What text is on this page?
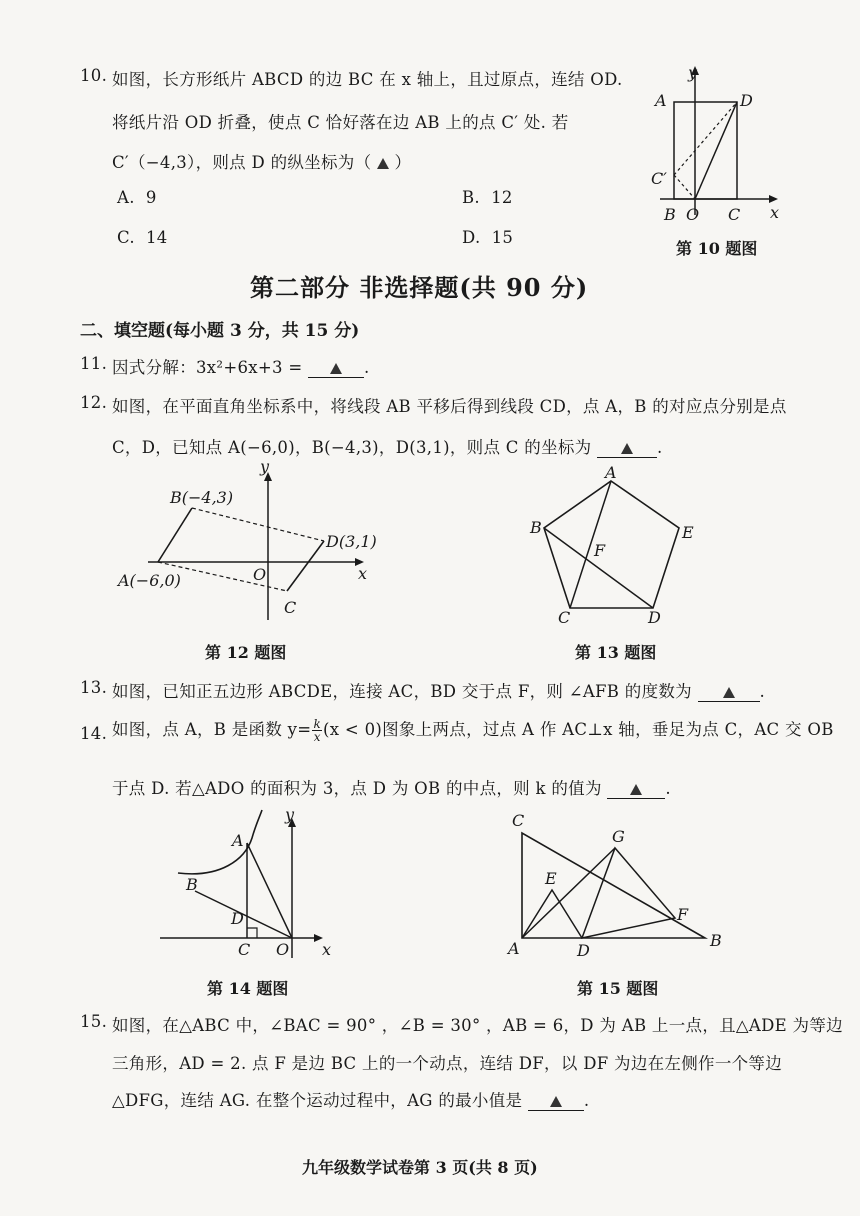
10. 如图，长方形纸片 ABCD 的边 BC 在 x 轴上，且过原点，连结 OD.
将纸片沿 OD 折叠，使点 C 恰好落在边 AB 上的点 C′ 处. 若
C′（−4,3），则点 D 的纵坐标为（ ）
A. 9	B. 12
C. 14	D. 15
y
x
A	D
C′
B O C
第 10 题图
第二部分 非选择题(共 90 分)
二、填空题(每小题 3 分，共 15 分)
11. 因式分解：3x²+6x+3 =	.
12. 如图，在平面直角坐标系中，将线段 AB 平移后得到线段 CD，点 A，B 的对应点分别是点
C，D，已知点 A(−6,0)，B(−4,3)，D(3,1)，则点 C 的坐标为	.
y
x
B(−4,3)
D(3,1)
A(−6,0)	O
C
第 12 题图
A
B	E
F
C	D
第 13 题图
13. 如图，已知正五边形 ABCDE，连接 AC，BD 交于点 F，则 ∠AFB 的度数为	.
14. 如图，点 A，B 是函数 $y= \frac{k}{x} (x < 0)$图象上两点，过点 A 作 AC⊥x 轴，垂足为点 C，AC 交 OB
于点 D. 若△ADO 的面积为 3，点 D 为 OB 的中点，则 k 的值为	.
y
x
A
B
D
C O
第 14 题图
C
G
E
F
A	D
B
第 15 题图
15. 如图，在△ABC 中，∠BAC = 90° ，∠B = 30° ，AB = 6，D 为 AB 上一点，且△ADE 为等边
三角形，AD = 2. 点 F 是边 BC 上的一个动点，连结 DF，以 DF 为边在左侧作一个等边
△DFG，连结 AG. 在整个运动过程中，AG 的最小值是	.
九年级数学试卷第 3 页(共 8 页)
